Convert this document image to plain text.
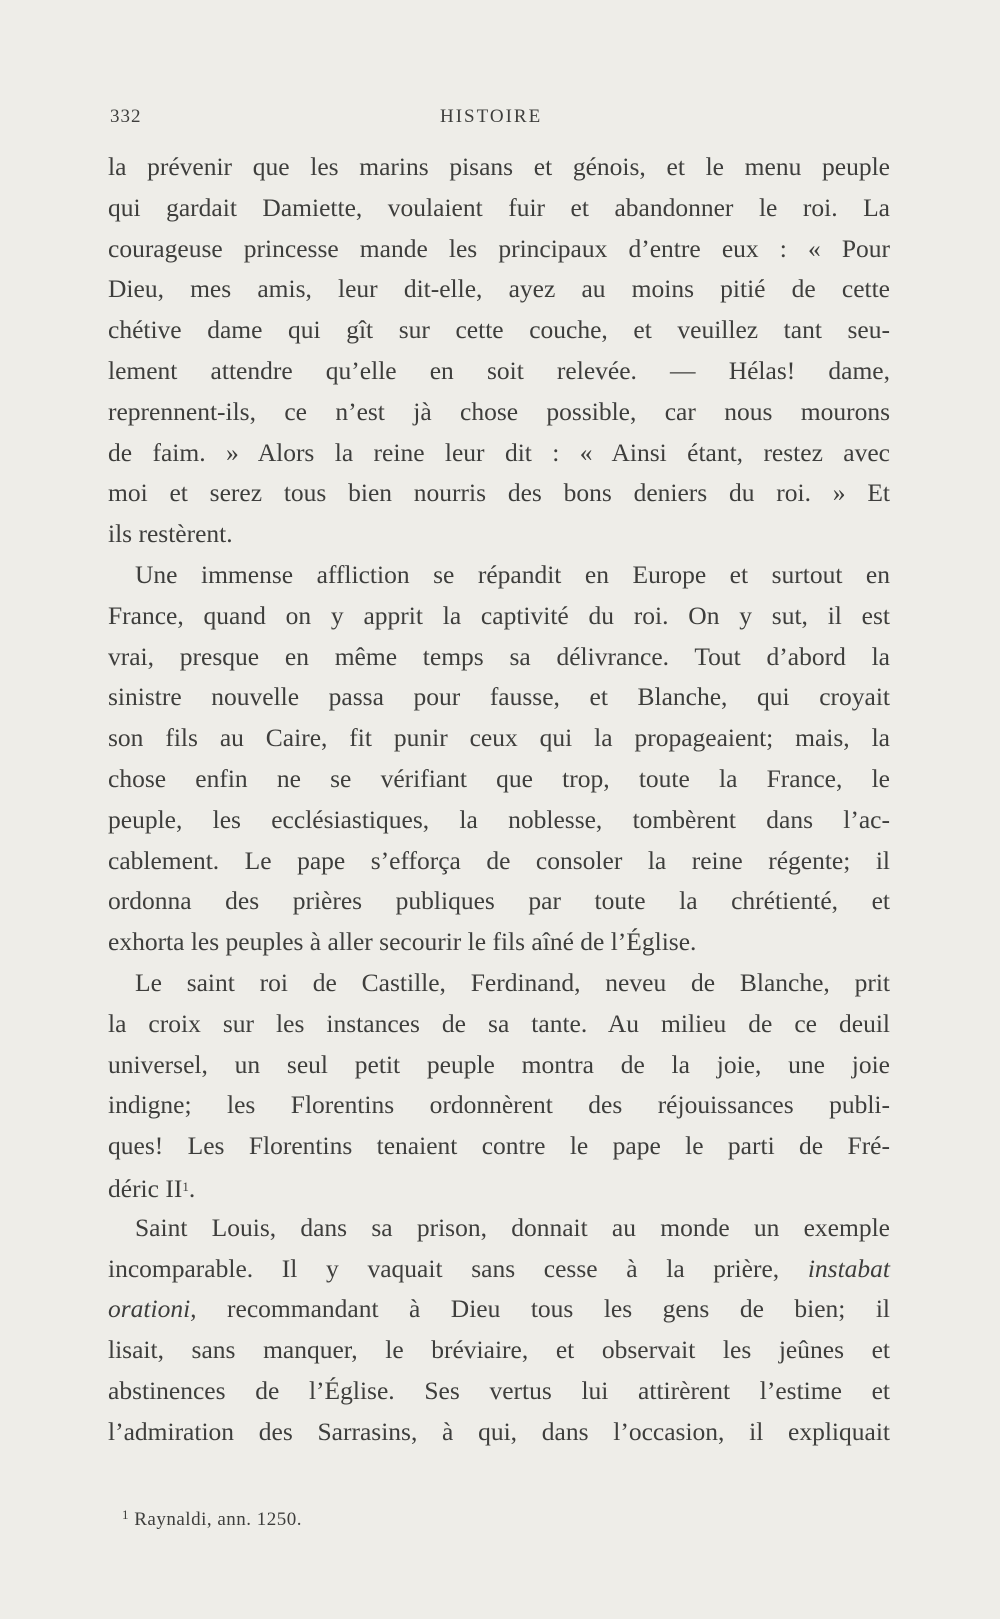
332	HISTOIRE
la prévenir que les marins pisans et génois, et le menu peuple
qui gardait Damiette, voulaient fuir et abandonner le roi. La
courageuse princesse mande les principaux d’entre eux : « Pour
Dieu, mes amis, leur dit-elle, ayez au moins pitié de cette
chétive dame qui gît sur cette couche, et veuillez tant seu-
lement attendre qu’elle en soit relevée. — Hélas! dame,
reprennent-ils, ce n’est jà chose possible, car nous mourons
de faim. » Alors la reine leur dit : « Ainsi étant, restez avec
moi et serez tous bien nourris des bons deniers du roi. » Et
ils restèrent.
Une immense affliction se répandit en Europe et surtout en
France, quand on y apprit la captivité du roi. On y sut, il est
vrai, presque en même temps sa délivrance. Tout d’abord la
sinistre nouvelle passa pour fausse, et Blanche, qui croyait
son fils au Caire, fit punir ceux qui la propageaient; mais, la
chose enfin ne se vérifiant que trop, toute la France, le
peuple, les ecclésiastiques, la noblesse, tombèrent dans l’ac-
cablement. Le pape s’efforça de consoler la reine régente; il
ordonna des prières publiques par toute la chrétienté, et
exhorta les peuples à aller secourir le fils aîné de l’Église.
Le saint roi de Castille, Ferdinand, neveu de Blanche, prit
la croix sur les instances de sa tante. Au milieu de ce deuil
universel, un seul petit peuple montra de la joie, une joie
indigne; les Florentins ordonnèrent des réjouissances publi-
ques! Les Florentins tenaient contre le pape le parti de Fré-
déric $II^1$.
Saint Louis, dans sa prison, donnait au monde un exemple
incomparable. Il y vaquait sans cesse à la prière, instabat
orationi, recommandant à Dieu tous les gens de bien; il
lisait, sans manquer, le bréviaire, et observait les jeûnes et
abstinences de l’Église. Ses vertus lui attirèrent l’estime et
l’admiration des Sarrasins, à qui, dans l’occasion, il expliquait
$^1$ Raynaldi, ann. 1250.
